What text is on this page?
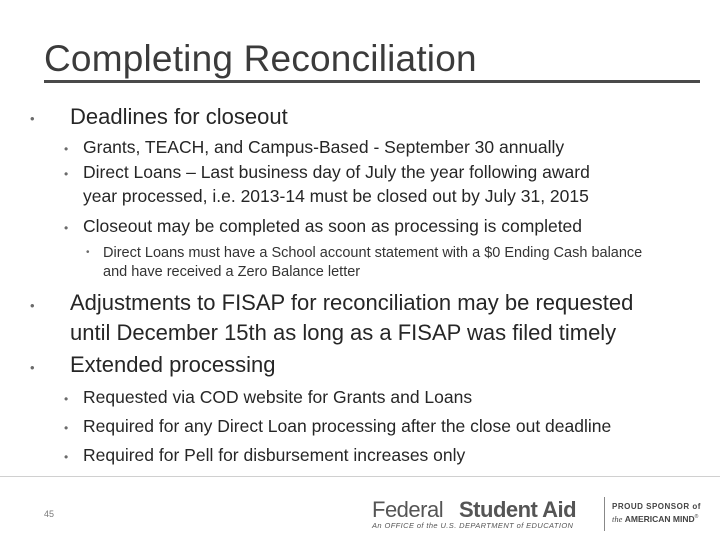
Completing Reconciliation
• Deadlines for closeout
• Grants, TEACH, and Campus-Based - September 30 annually
• Direct Loans – Last business day of July the year following award
year processed, i.e. 2013-14 must be closed out by July 31, 2015
• Closeout may be completed as soon as processing is completed
• Direct Loans must have a School account statement with a $0 Ending Cash balance
and have received a Zero Balance letter
• Adjustments to FISAP for reconciliation may be requested
until December 15th as long as a FISAP was filed timely
• Extended processing
• Requested via COD website for Grants and Loans
• Required for any Direct Loan processing after the close out deadline
• Required for Pell for disbursement increases only
45	Federal Student Aid
An OFFICE of the U.S. DEPARTMENT of EDUCATION
PROUD SPONSOR of
the AMERICAN MIND®
